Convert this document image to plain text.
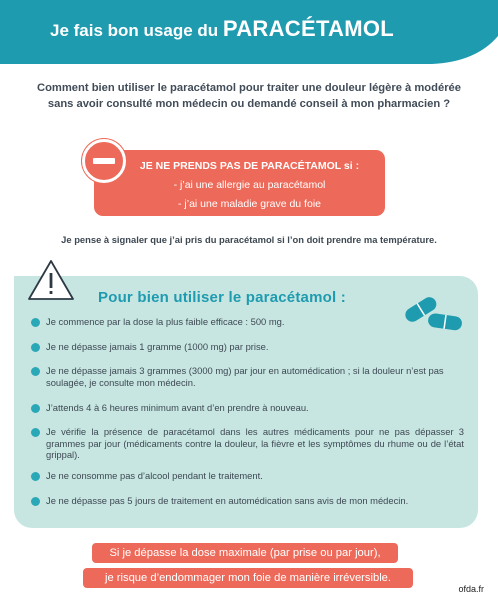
Je fais bon usage du PARACÉTAMOL
Comment bien utiliser le paracétamol pour traiter une douleur légère à modérée
sans avoir consulté mon médecin ou demandé conseil à mon pharmacien ?
JE NE PRENDS PAS DE PARACÉTAMOL si :
- j’ai une allergie au paracétamol
- j’ai une maladie grave du foie
Je pense à signaler que j’ai pris du paracétamol si l’on doit prendre ma température.
Pour bien utiliser le paracétamol :
Je commence par la dose la plus faible efficace : 500 mg.
Je ne dépasse jamais 1 gramme (1000 mg) par prise.
Je ne dépasse jamais 3 grammes (3000 mg) par jour en automédication ; si la douleur n’est pas soulagée, je consulte mon médecin.
J’attends 4 à 6 heures minimum avant d’en prendre à nouveau.
Je vérifie la présence de paracétamol dans les autres médicaments pour ne pas dépasser 3 grammes par jour (médicaments contre la douleur, la fièvre et les symptômes du rhume ou de l’état grippal).
Je ne consomme pas d’alcool pendant le traitement.
Je ne dépasse pas 5 jours de traitement en automédication sans avis de mon médecin.
Si je dépasse la dose maximale (par prise ou par jour),
je risque d’endommager mon foie de manière irréversible.
ofda.fr
